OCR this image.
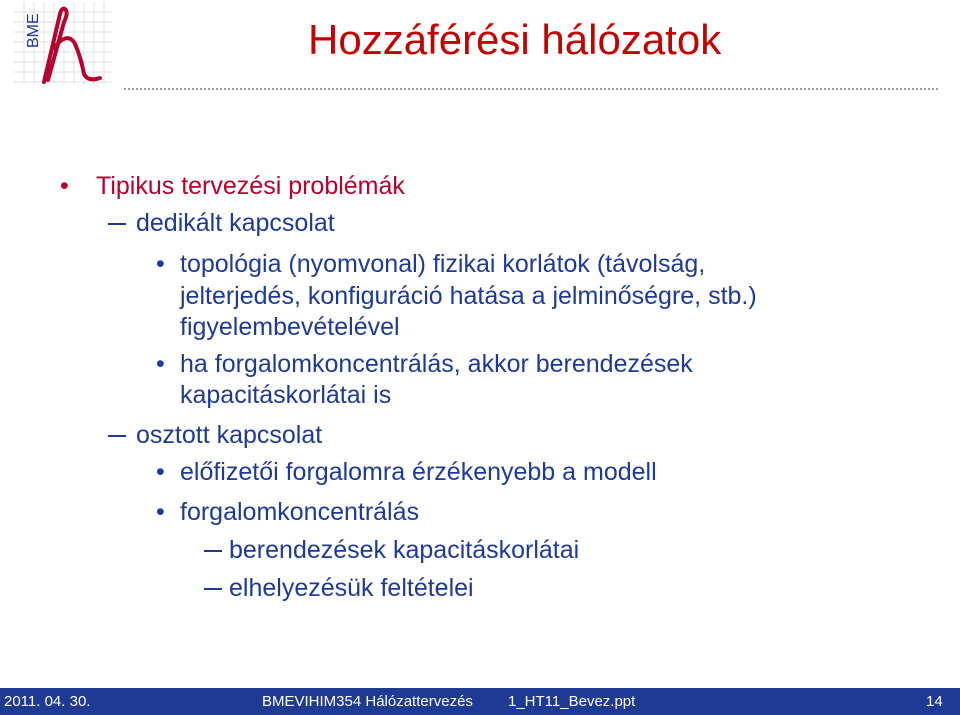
BME	Hozzáférési hálózatok
• Tipikus tervezési problémák
dedikált kapcsolat
• topológia (nyomvonal) fizikai korlátok (távolság,
jelterjedés, konfiguráció hatása a jelminőségre, stb.)
figyelembevételével
• ha forgalomkoncentrálás, akkor berendezések
kapacitáskorlátai is
osztott kapcsolat
• előfizetői forgalomra érzékenyebb a modell
• forgalomkoncentrálás
berendezések kapacitáskorlátai
elhelyezésük feltételei
2011. 04. 30.	BMEVIHIM354 Hálózattervezés 1_HT11_Bevez.ppt	14
